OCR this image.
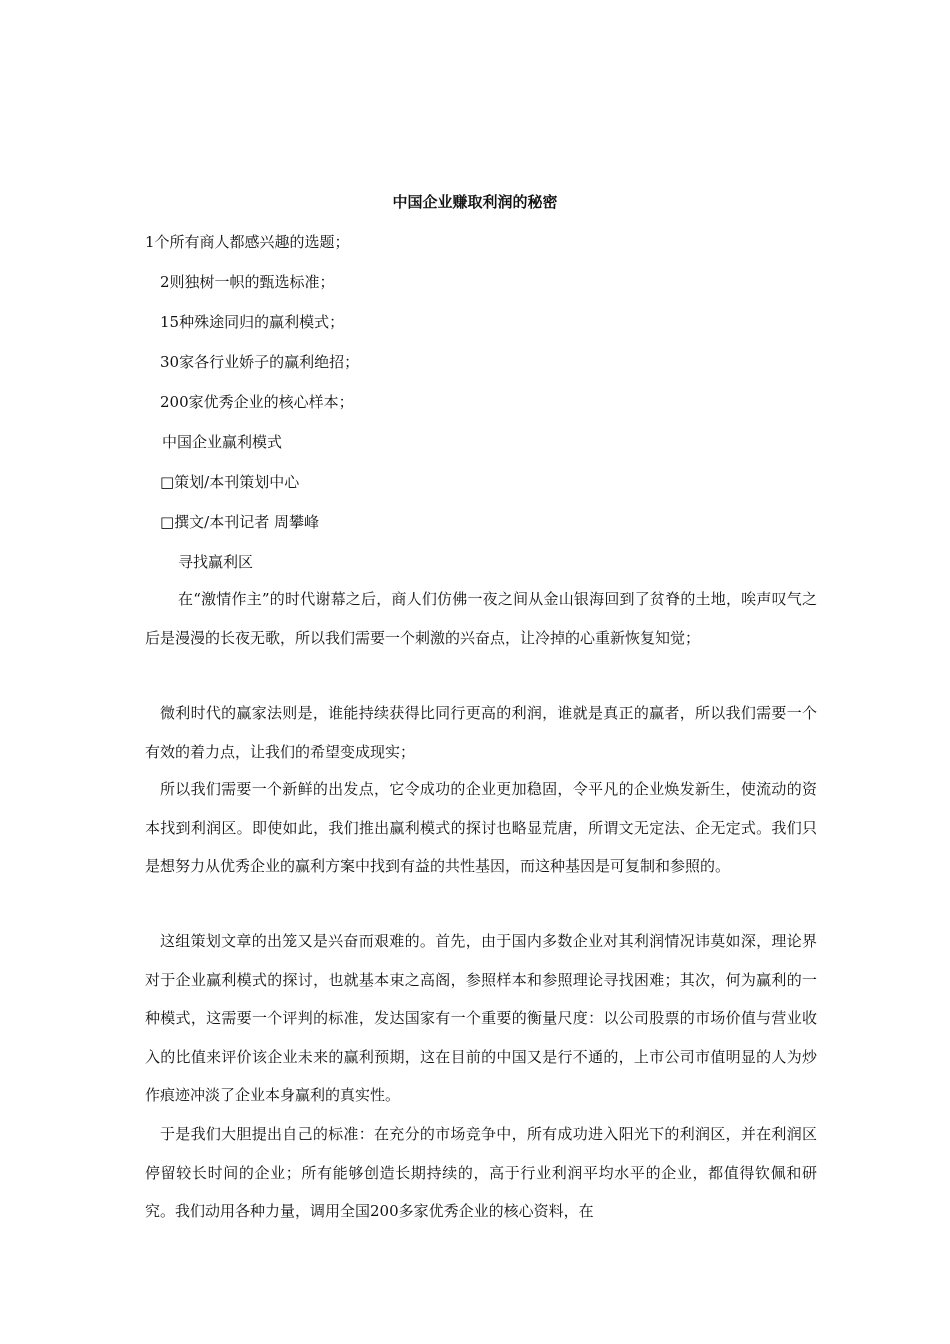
中国企业赚取利润的秘密
1个所有商人都感兴趣的选题；
2则独树一帜的甄选标准；
15种殊途同归的赢利模式；
30家各行业娇子的赢利绝招；
200家优秀企业的核心样本；
中国企业赢利模式
□策划/本刊策划中心
□撰文/本刊记者 周攀峰
寻找赢利区
在“激情作主”的时代谢幕之后，商人们仿佛一夜之间从金山银海回到了贫脊的土地，唉声叹气之后是漫漫的长夜无歌，所以我们需要一个刺激的兴奋点，让冷掉的心重新恢复知觉；
微利时代的赢家法则是，谁能持续获得比同行更高的利润，谁就是真正的赢者，所以我们需要一个有效的着力点，让我们的希望变成现实；
所以我们需要一个新鲜的出发点，它令成功的企业更加稳固，令平凡的企业焕发新生，使流动的资本找到利润区。即使如此，我们推出赢利模式的探讨也略显荒唐，所谓文无定法、企无定式。我们只是想努力从优秀企业的赢利方案中找到有益的共性基因，而这种基因是可复制和参照的。
这组策划文章的出笼又是兴奋而艰难的。首先，由于国内多数企业对其利润情况讳莫如深，理论界对于企业赢利模式的探讨，也就基本束之高阁，参照样本和参照理论寻找困难；其次，何为赢利的一种模式，这需要一个评判的标准，发达国家有一个重要的衡量尺度：以公司股票的市场价值与营业收入的比值来评价该企业未来的赢利预期，这在目前的中国又是行不通的，上市公司市值明显的人为炒作痕迹冲淡了企业本身赢利的真实性。
于是我们大胆提出自己的标准：在充分的市场竞争中，所有成功进入阳光下的利润区，并在利润区停留较长时间的企业；所有能够创造长期持续的，高于行业利润平均水平的企业，都值得钦佩和研究。我们动用各种力量，调用全国200多家优秀企业的核心资料，在
